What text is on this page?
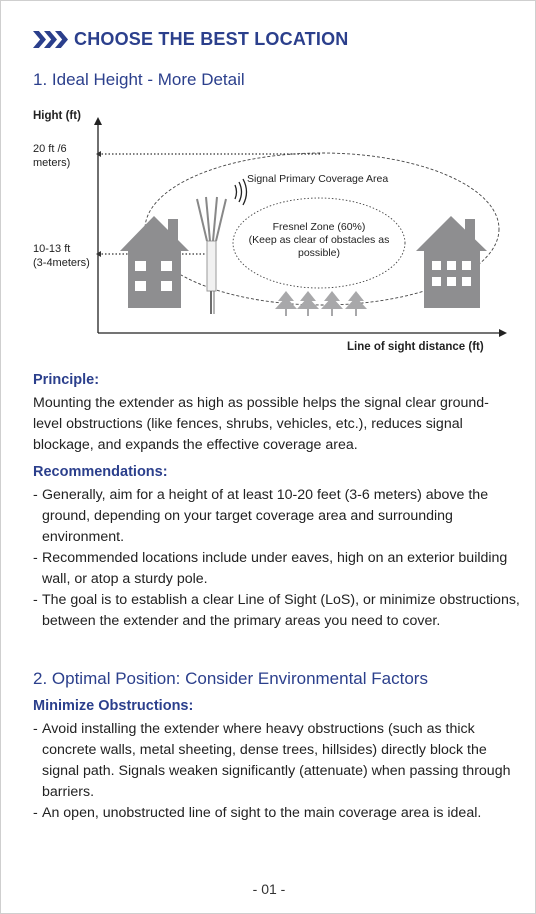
CHOOSE THE BEST LOCATION
1. Ideal Height - More Detail
Hight (ft)
20 ft /6
meters)
10-13 ft
(3-4meters)
Signal Primary Coverage Area
Fresnel Zone (60%)
(Keep as clear of obstacles as
possible)
Line of sight distance (ft)
Principle:
Mounting the extender as high as possible helps the signal clear ground-level obstructions (like fences, shrubs, vehicles, etc.), reduces signal blockage, and expands the effective coverage area.
Recommendations:
- Generally, aim for a height of at least 10-20 feet (3-6 meters) above the ground, depending on your target coverage area and surrounding environment.
- Recommended locations include under eaves, high on an exterior building wall, or atop a sturdy pole.
- The goal is to establish a clear Line of Sight (LoS), or minimize obstructions, between the extender and the primary areas you need to cover.
2. Optimal Position: Consider Environmental Factors
Minimize Obstructions:
- Avoid installing the extender where heavy obstructions (such as thick concrete walls, metal sheeting, dense trees, hillsides) directly block the signal path. Signals weaken significantly (attenuate) when passing through barriers.
- An open, unobstructed line of sight to the main coverage area is ideal.
- 01 -
